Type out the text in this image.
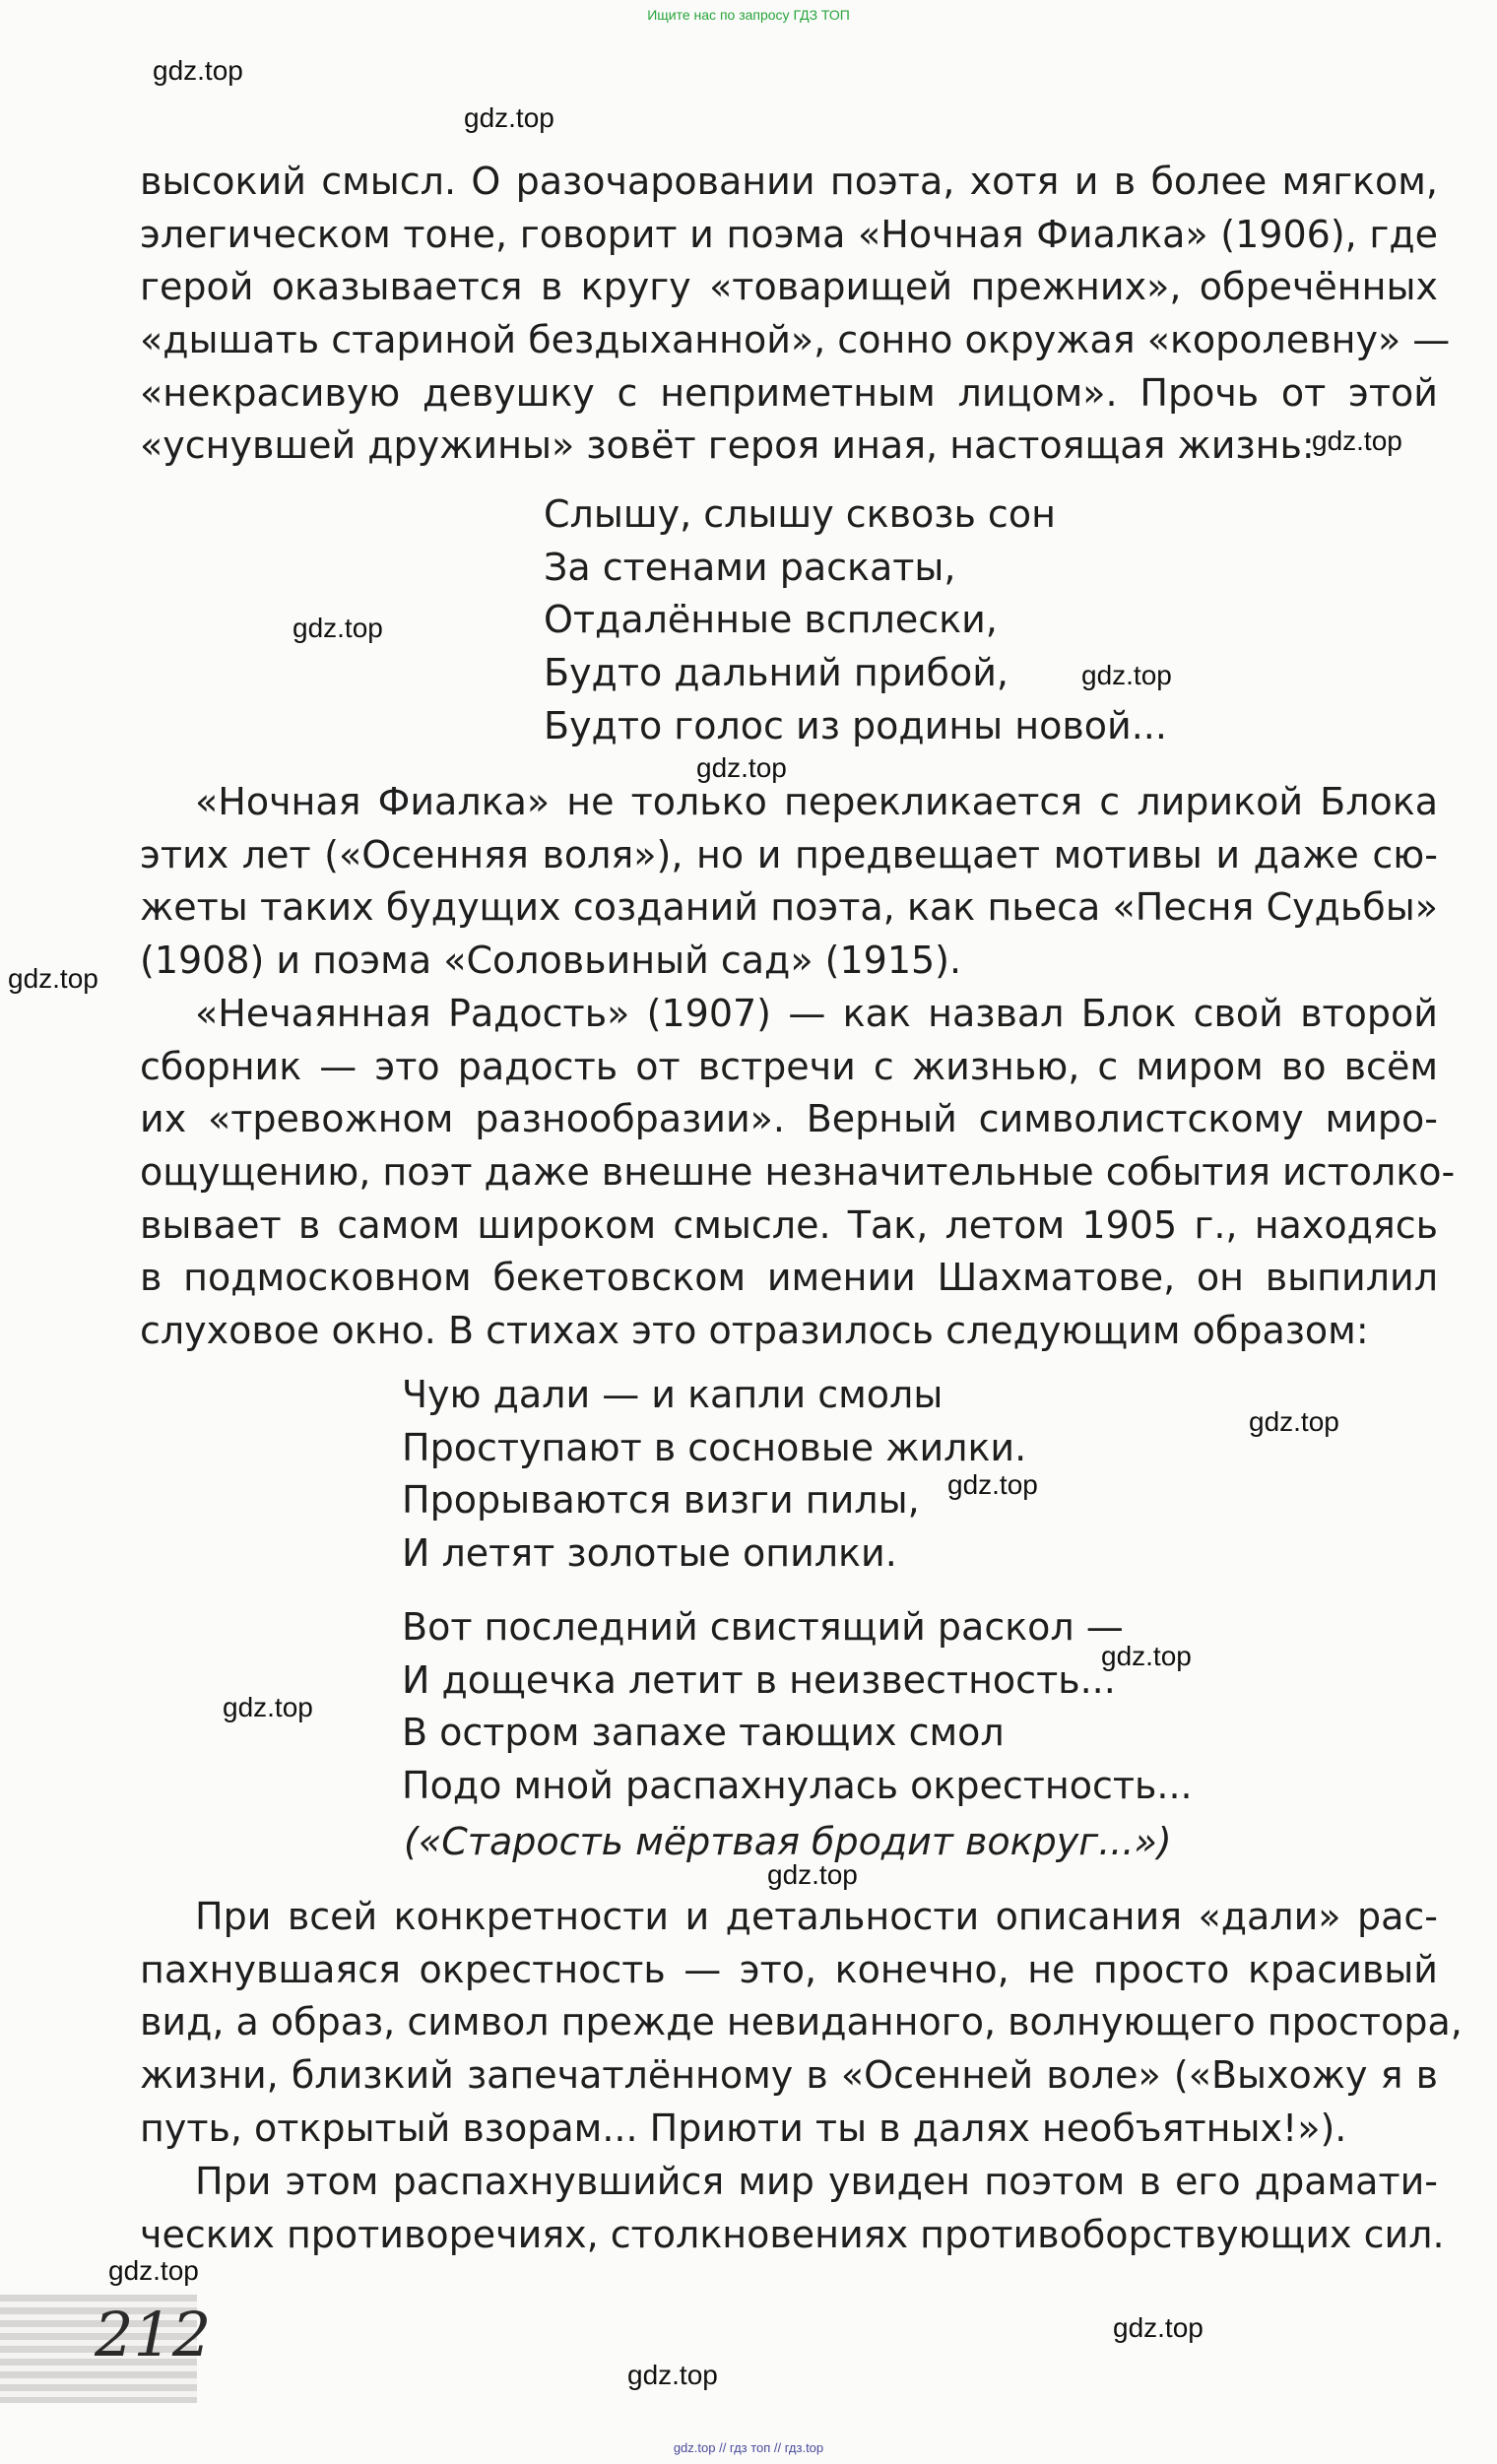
Ищите нас по запросу ГДЗ ТОП
gdz.top
gdz.top
gdz.top
gdz.top
gdz.top
gdz.top
gdz.top
gdz.top
gdz.top
gdz.top
gdz.top
gdz.top
gdz.top
gdz.top
gdz.top
высокий смысл. О разочаровании поэта, хотя и в более мягком,
элегическом тоне, говорит и поэма «Ночная Фиалка» (1906), где
герой оказывается в кругу «товарищей прежних», обречённых
«дышать стариной бездыханной», сонно окружая «королевну» —
«некрасивую девушку с неприметным лицом». Прочь от этой
«уснувшей дружины» зовёт героя иная, настоящая жизнь:
Слышу, слышу сквозь сон
За стенами раскаты,
Отдалённые всплески,
Будто дальний прибой,
Будто голос из родины новой...
«Ночная Фиалка» не только перекликается с лирикой Блока
этих лет («Осенняя воля»), но и предвещает мотивы и даже сю-
жеты таких будущих созданий поэта, как пьеса «Песня Судьбы»
(1908) и поэма «Соловьиный сад» (1915).
«Нечаянная Радость» (1907) — как назвал Блок свой второй
сборник — это радость от встречи с жизнью, с миром во всём
их «тревожном разнообразии». Верный символистскому миро-
ощущению, поэт даже внешне незначительные события истолко-
вывает в самом широком смысле. Так, летом 1905 г., находясь
в подмосковном бекетовском имении Шахматове, он выпилил
слуховое окно. В стихах это отразилось следующим образом:
Чую дали — и капли смолы
Проступают в сосновые жилки.
Прорываются визги пилы,
И летят золотые опилки.
Вот последний свистящий раскол —
И дощечка летит в неизвестность...
В остром запахе тающих смол
Подо мной распахнулась окрестность...
(«Старость мёртвая бродит вокруг...»)
При всей конкретности и детальности описания «дали» рас-
пахнувшаяся окрестность — это, конечно, не просто красивый
вид, а образ, символ прежде невиданного, волнующего простора,
жизни, близкий запечатлённому в «Осенней воле» («Выхожу я в
путь, открытый взорам... Приюти ты в далях необъятных!»).
При этом распахнувшийся мир увиден поэтом в его драмати-
ческих противоречиях, столкновениях противоборствующих сил.
212
gdz.top // гдз топ // гдз.top
